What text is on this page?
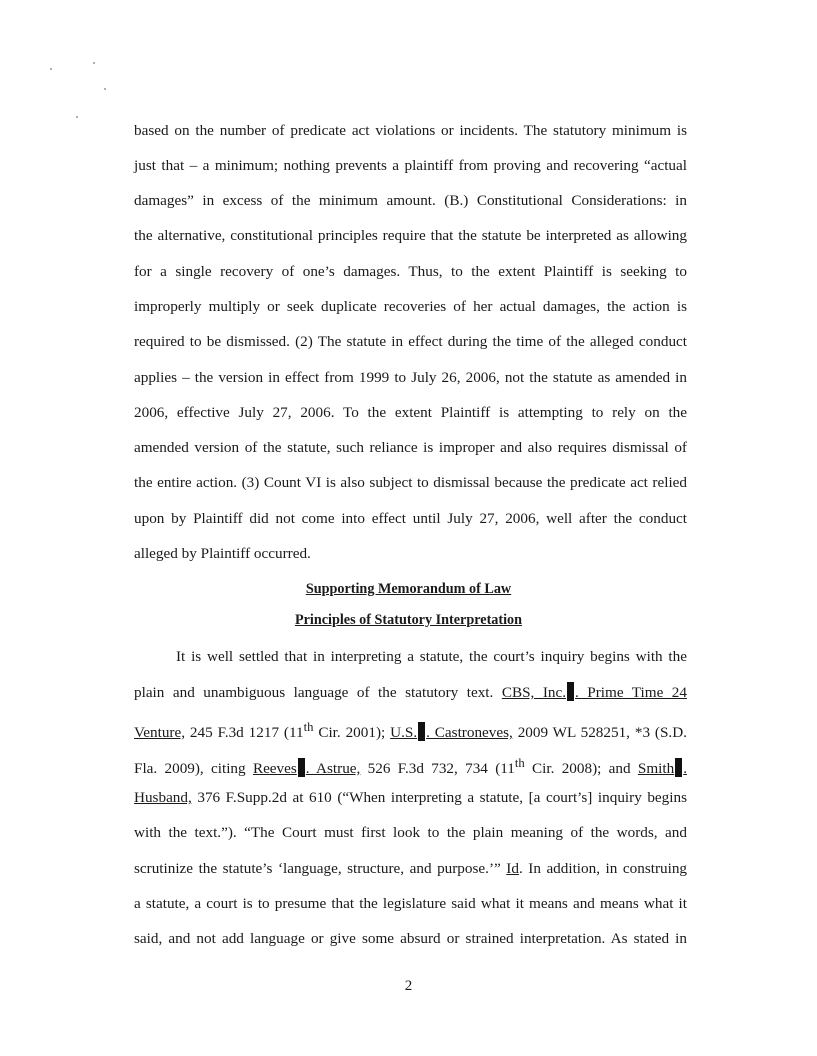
based on the number of predicate act violations or incidents. The statutory minimum is
just that – a minimum; nothing prevents a plaintiff from proving and recovering “actual
damages” in excess of the minimum amount. (B.) Constitutional Considerations: in
the alternative, constitutional principles require that the statute be interpreted as allowing
for a single recovery of one’s damages. Thus, to the extent Plaintiff is seeking to
improperly multiply or seek duplicate recoveries of her actual damages, the action is
required to be dismissed. (2) The statute in effect during the time of the alleged conduct
applies – the version in effect from 1999 to July 26, 2006, not the statute as amended in
2006, effective July 27, 2006. To the extent Plaintiff is attempting to rely on the
amended version of the statute, such reliance is improper and also requires dismissal of
the entire action. (3) Count VI is also subject to dismissal because the predicate act relied
upon by Plaintiff did not come into effect until July 27, 2006, well after the conduct
alleged by Plaintiff occurred.
Supporting Memorandum of Law
Principles of Statutory Interpretation
It is well settled that in interpreting a statute, the court’s inquiry begins with the
plain and unambiguous language of the statutory text. CBS, Inc. . Prime Time 24
Venture, 245 F.3d 1217 (11th Cir. 2001); U.S. . Castroneves, 2009 WL 528251, *3 (S.D.
Fla. 2009), citing Reeves . Astrue, 526 F.3d 732, 734 (11th Cir. 2008); and Smith .
Husband, 376 F.Supp.2d at 610 (“When interpreting a statute, [a court’s] inquiry begins
with the text.”). “The Court must first look to the plain meaning of the words, and
scrutinize the statute’s ‘language, structure, and purpose.’” Id. In addition, in construing
a statute, a court is to presume that the legislature said what it means and means what it
said, and not add language or give some absurd or strained interpretation. As stated in
2
